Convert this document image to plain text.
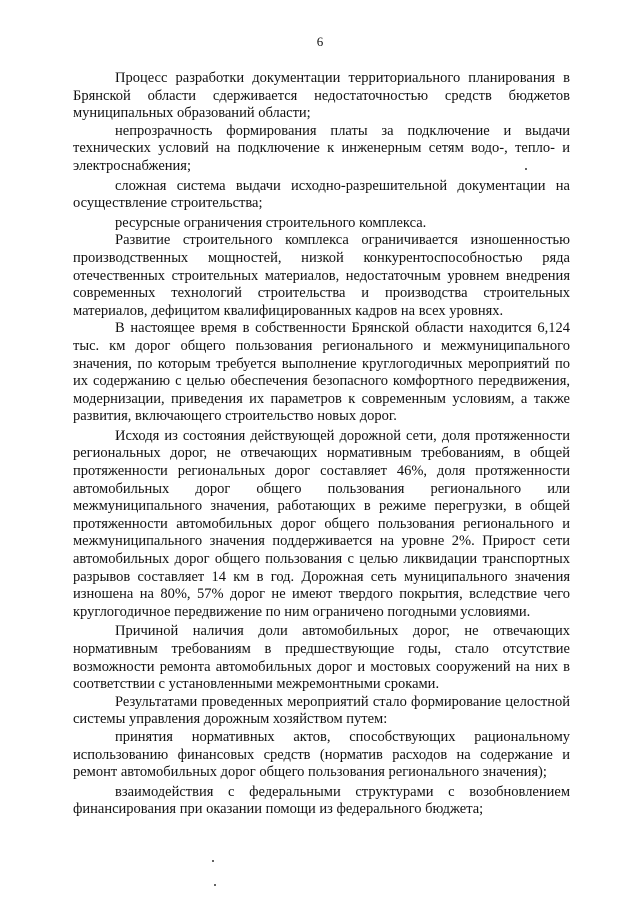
6

Процесс разработки документации территориального планирования в Брянской области сдерживается недостаточностью средств бюджетов муниципальных образований области;

непрозрачность формирования платы за подключение и выдачи технических условий на подключение к инженерным сетям водо-, тепло- и электроснабжения;

сложная система выдачи исходно-разрешительной документации на осуществление строительства;

ресурсные ограничения строительного комплекса.

Развитие строительного комплекса ограничивается изношенностью производственных мощностей, низкой конкурентоспособностью ряда отечественных строительных материалов, недостаточным уровнем внедрения современных технологий строительства и производства строительных материалов, дефицитом квалифицированных кадров на всех уровнях.

В настоящее время в собственности Брянской области находится 6,124 тыс. км дорог общего пользования регионального и межмуниципального значения, по которым требуется выполнение круглогодичных мероприятий по их содержанию с целью обеспечения безопасного комфортного передвижения, модернизации, приведения их параметров к современным условиям, а также развития, включающего строительство новых дорог.

Исходя из состояния действующей дорожной сети, доля протяженности региональных дорог, не отвечающих нормативным требованиям, в общей протяженности региональных дорог составляет 46%, доля протяженности автомобильных дорог общего пользования регионального или межмуниципального значения, работающих в режиме перегрузки, в общей протяженности автомобильных дорог общего пользования регионального и межмуниципального значения поддерживается на уровне 2%. Прирост сети автомобильных дорог общего пользования с целью ликвидации транспортных разрывов составляет 14 км в год. Дорожная сеть муниципального значения изношена на 80%, 57% дорог не имеют твердого покрытия, вследствие чего круглогодичное передвижение по ним ограничено погодными условиями.

Причиной наличия доли автомобильных дорог, не отвечающих нормативным требованиям в предшествующие годы, стало отсутствие возможности ремонта автомобильных дорог и мостовых сооружений на них в соответствии с установленными межремонтными сроками.

Результатами проведенных мероприятий стало формирование целостной системы управления дорожным хозяйством путем:

принятия нормативных актов, способствующих рациональному использованию финансовых средств (норматив расходов на содержание и ремонт автомобильных дорог общего пользования регионального значения);

взаимодействия с федеральными структурами с возобновлением финансирования при оказании помощи из федерального бюджета;
